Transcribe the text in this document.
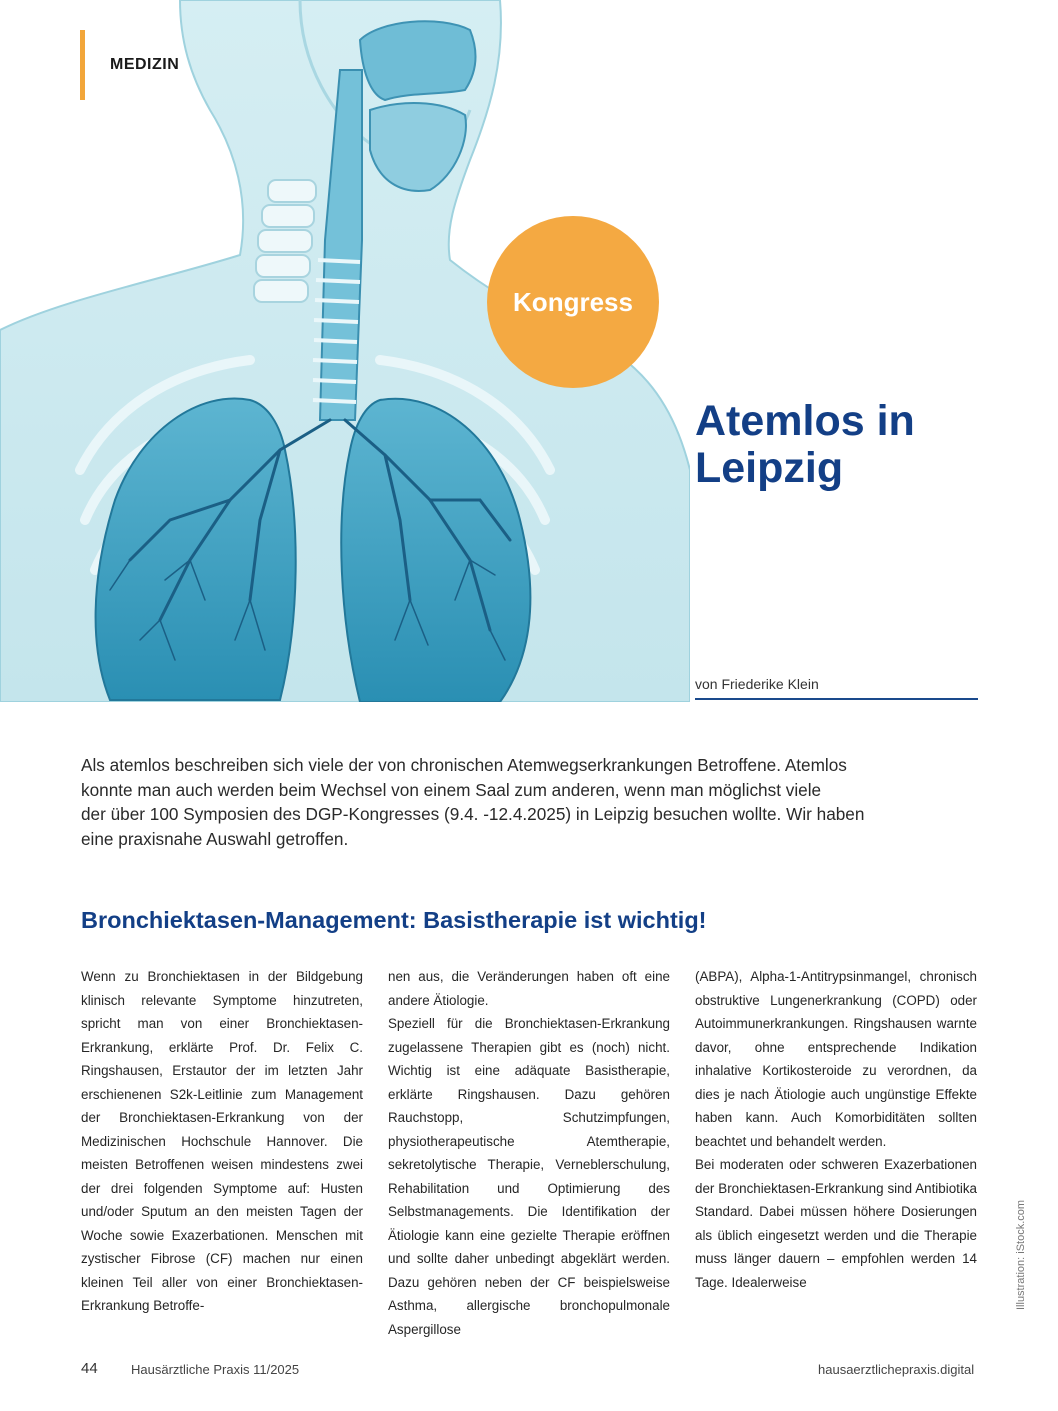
MEDIZIN
Kongress
Atemlos in
Leipzig
von Friederike Klein
Als atemlos beschreiben sich viele der von chronischen Atemwegserkrankungen Betroffene. Atemlos
konnte man auch werden beim Wechsel von einem Saal zum anderen, wenn man möglichst viele
der über 100 Symposien des DGP-Kongresses (9.4. -12.4.2025) in Leipzig besuchen wollte. Wir haben
eine praxisnahe Auswahl getroffen.
Bronchiektasen-Management: Basistherapie ist wichtig!

Wenn zu Bronchiektasen in der Bildgebung klinisch relevante Symptome hinzutreten, spricht man von einer Bronchiektasen-Erkrankung, erklärte Prof. Dr. Felix C. Ringshausen, Erstautor der im letzten Jahr erschienenen S2k-Leitlinie zum Management der Bronchiektasen-Erkrankung von der Medizinischen Hochschule Hannover. Die meisten Betroffenen weisen mindestens zwei der drei folgenden Symptome auf: Husten und/oder Sputum an den meisten Tagen der Woche sowie Exazerbationen. Menschen mit zystischer Fibrose (CF) machen nur einen kleinen Teil aller von einer Bronchiektasen-Erkrankung Betroffe-

nen aus, die Veränderungen haben oft eine andere Ätiologie.

Speziell für die Bronchiektasen-Erkrankung zugelassene Therapien gibt es (noch) nicht. Wichtig ist eine adäquate Basistherapie, erklärte Ringshausen. Dazu gehören Rauchstopp, Schutzimpfungen, physiotherapeutische Atemtherapie, sekretolytische Therapie, Verneblerschulung, Rehabilitation und Optimierung des Selbstmanagements. Die Identifikation der Ätiologie kann eine gezielte Therapie eröffnen und sollte daher unbedingt abgeklärt werden. Dazu gehören neben der CF beispielsweise Asthma, allergische bronchopulmonale Aspergillose

(ABPA), Alpha-1-Antitrypsinmangel, chronisch obstruktive Lungenerkrankung (COPD) oder Autoimmunerkrankungen. Ringshausen warnte davor, ohne entsprechende Indikation inhalative Kortikosteroide zu verordnen, da dies je nach Ätiologie auch ungünstige Effekte haben kann. Auch Komorbiditäten sollten beachtet und behandelt werden.

Bei moderaten oder schweren Exazerbationen der Bronchiektasen-Erkrankung sind Antibiotika Standard. Dabei müssen höhere Dosierungen als üblich eingesetzt werden und die Therapie muss länger dauern – empfohlen werden 14 Tage. Idealerweise	Illustration: iStock.com
44	Hausärztliche Praxis 11/2025	hausaerztlichepraxis.digital
